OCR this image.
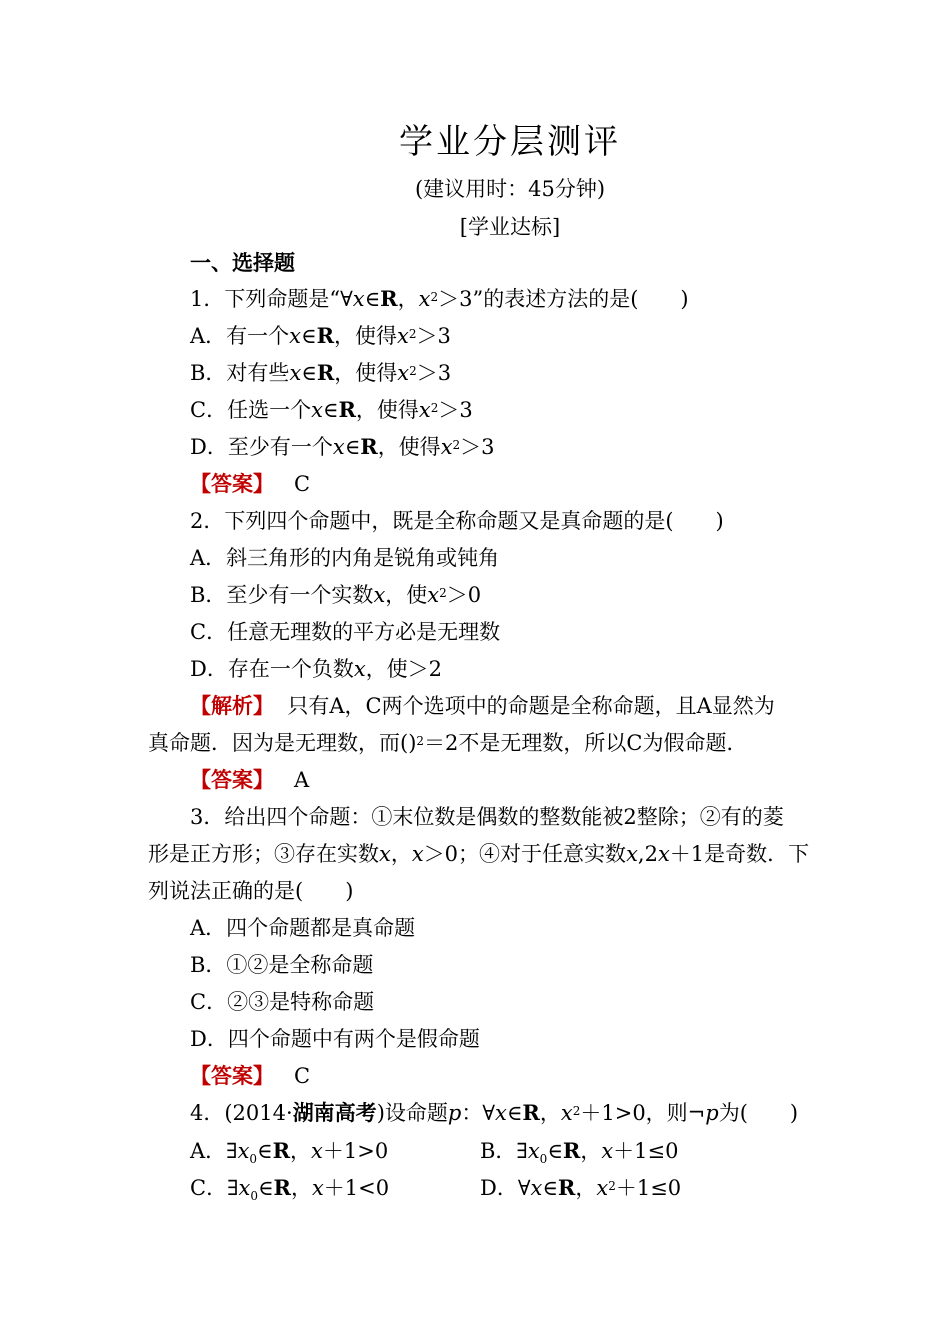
学业分层测评
(建议用时：45分钟)
[学业达标]
一、选择题
1．下列命题是“∀x∈R，$x^2>3$”的表述方法的是(　　)
A．有一个x∈R，使得$x^2>3$
B．对有些x∈R，使得$x^2>3$
C．任选一个x∈R，使得$x^2>3$
D．至少有一个x∈R，使得$x^2>3$
【答案】 C
2．下列四个命题中，既是全称命题又是真命题的是(　　)
A．斜三角形的内角是锐角或钝角
B．至少有一个实数x，使$x^2>0$
C．任意无理数的平方必是无理数
D．存在一个负数x，使＞2
【解析】 只有A，C两个选项中的命题是全称命题，且A显然为
真命题．因为是无理数，而()$^2$＝2不是无理数，所以C为假命题．
【答案】 A
3．给出四个命题：①末位数是偶数的整数能被2整除；②有的菱
形是正方形；③存在实数x，x＞0；④对于任意实数x,2x＋1是奇数．下
列说法正确的是(　　)
A．四个命题都是真命题
B．①②是全称命题
C．②③是特称命题
D．四个命题中有两个是假命题
【答案】 C
4．(2014·湖南高考)设命题p：∀x∈R，$x^2+1>0$，则¬p为(　　)
A．$\exists x_0\in R$，x＋1>0	B．$\exists x_0\in R$，x＋1≤0
C．$\exists x_0\in R$，x＋1<0	D．∀x∈R，$x^2+1\le 0$
